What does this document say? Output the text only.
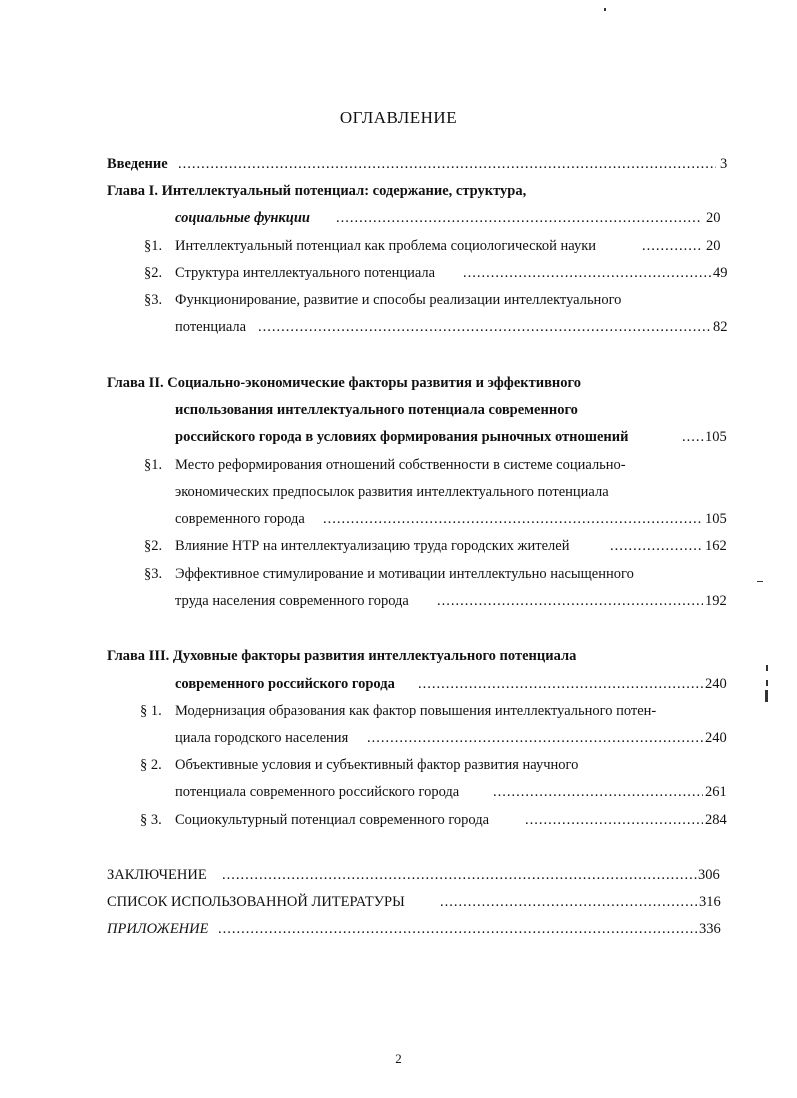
ОГЛАВЛЕНИЕ
Введение .....	3
Глава I. Интеллектуальный потенциал: содержание, структура,
социальные функции .....	20
§1. Интеллектуальный потенциал как проблема социологической науки .....	20
§2. Структура интеллектуального потенциала .....	49
§3. Функционирование, развитие и способы реализации интеллектуального
потенциала .....	82
Глава II. Социально-экономические факторы развития и эффективного
использования интеллектуального потенциала современного
российского города в условиях формирования рыночных отношений .....	105
§1. Место реформирования отношений собственности в системе социально-
экономических предпосылок развития интеллектуального потенциала
современного города .....	105
§2. Влияние НТР на интеллектуализацию труда городских жителей .....	162
§3. Эффективное стимулирование и мотивации интеллектульно насыщенного
труда населения современного города .....	192
Глава III. Духовные факторы развития интеллектуального потенциала
современного российского города .....	240
§ 1. Модернизация образования как фактор повышения интеллектуального потен-
циала городского населения .....	240
§ 2. Объективные условия и субъективный фактор развития научного
потенциала современного российского города .....	261
§ 3. Социокультурный потенциал современного города .....	284
ЗАКЛЮЧЕНИЕ .....	306
СПИСОК ИСПОЛЬЗОВАННОЙ ЛИТЕРАТУРЫ .....	316
ПРИЛОЖЕНИЕ .....	336
2
